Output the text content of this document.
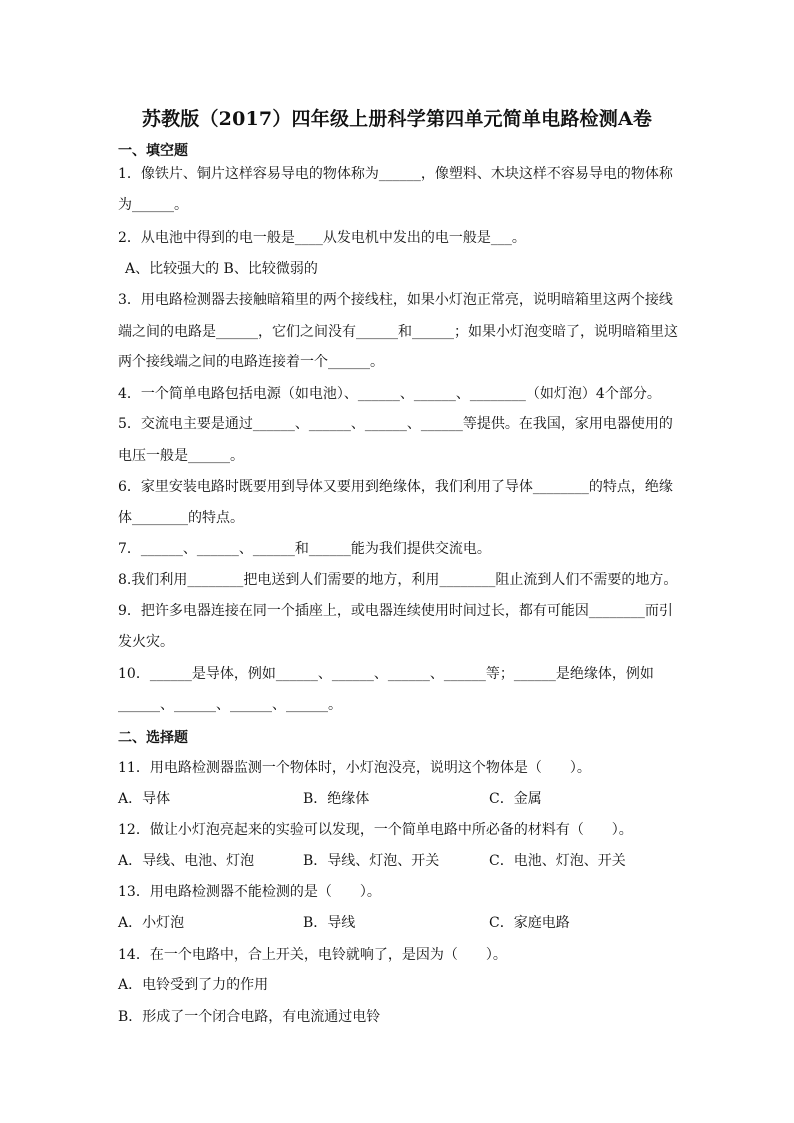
苏教版（2017）四年级上册科学第四单元简单电路检测A卷
一、填空题
1．像铁片、铜片这样容易导电的物体称为______，像塑料、木块这样不容易导电的物体称
为______。
2．从电池中得到的电一般是____从发电机中发出的电一般是___。
A、比较强大的 B、比较微弱的
3．用电路检测器去接触暗箱里的两个接线柱，如果小灯泡正常亮，说明暗箱里这两个接线
端之间的电路是______，它们之间没有______和______；如果小灯泡变暗了，说明暗箱里这
两个接线端之间的电路连接着一个______。
4．一个简单电路包括电源（如电池）、______、______、________（如灯泡）4个部分。
5．交流电主要是通过______、______、______、______等提供。在我国，家用电器使用的
电压一般是______。
6．家里安装电路时既要用到导体又要用到绝缘体，我们利用了导体________的特点，绝缘
体________的特点。
7．______、______、______和______能为我们提供交流电。
8.我们利用________把电送到人们需要的地方，利用________阻止流到人们不需要的地方。
9．把许多电器连接在同一个插座上，或电器连续使用时间过长，都有可能因________而引
发火灾。
10．______是导体，例如______、______、______、______等；______是绝缘体，例如
______、______、______、______。
二、选择题
11．用电路检测器监测一个物体时，小灯泡没亮，说明这个物体是（　　）。
A．导体	B．绝缘体	C．金属
12．做让小灯泡亮起来的实验可以发现，一个简单电路中所必备的材料有（　　）。
A．导线、电池、灯泡	B．导线、灯泡、开关	C．电池、灯泡、开关
13．用电路检测器不能检测的是（　　）。
A．小灯泡	B．导线	C．家庭电路
14．在一个电路中，合上开关，电铃就响了，是因为（　　）。
A．电铃受到了力的作用
B．形成了一个闭合电路，有电流通过电铃
